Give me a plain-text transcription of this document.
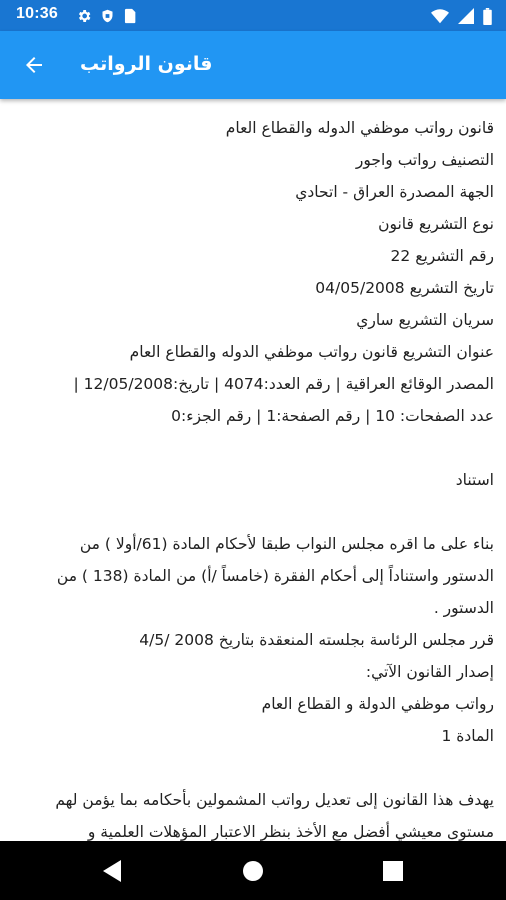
10:36
قانون الرواتب
قانون رواتب موظفي الدوله والقطاع العام
التصنيف رواتب واجور
الجهة المصدرة العراق - اتحادي
نوع التشريع قانون
رقم التشريع 22
تاريخ التشريع 04/05/2008
سريان التشريع ساري
عنوان التشريع قانون رواتب موظفي الدوله والقطاع العام
المصدر الوقائع العراقية | رقم العدد:4074 | تاريخ:12/05/2008 |
عدد الصفحات: 10 | رقم الصفحة:1 | رقم الجزء:0
استناد
بناء على ما اقره مجلس النواب طبقا لأحكام المادة (61/أولا ) من
الدستور واستناداً إلى أحكام الفقرة (خامساً /أ) من المادة (138 ) من
الدستور .
قرر مجلس الرئاسة بجلسته المنعقدة بتاريخ 2008 /4/5
إصدار القانون الآتي:
رواتب موظفي الدولة و القطاع العام
المادة 1
يهدف هذا القانون إلى تعديل رواتب المشمولين بأحكامه بما يؤمن لهم
مستوى معيشي أفضل مع الأخذ بنظر الاعتبار المؤهلات العلمية و
